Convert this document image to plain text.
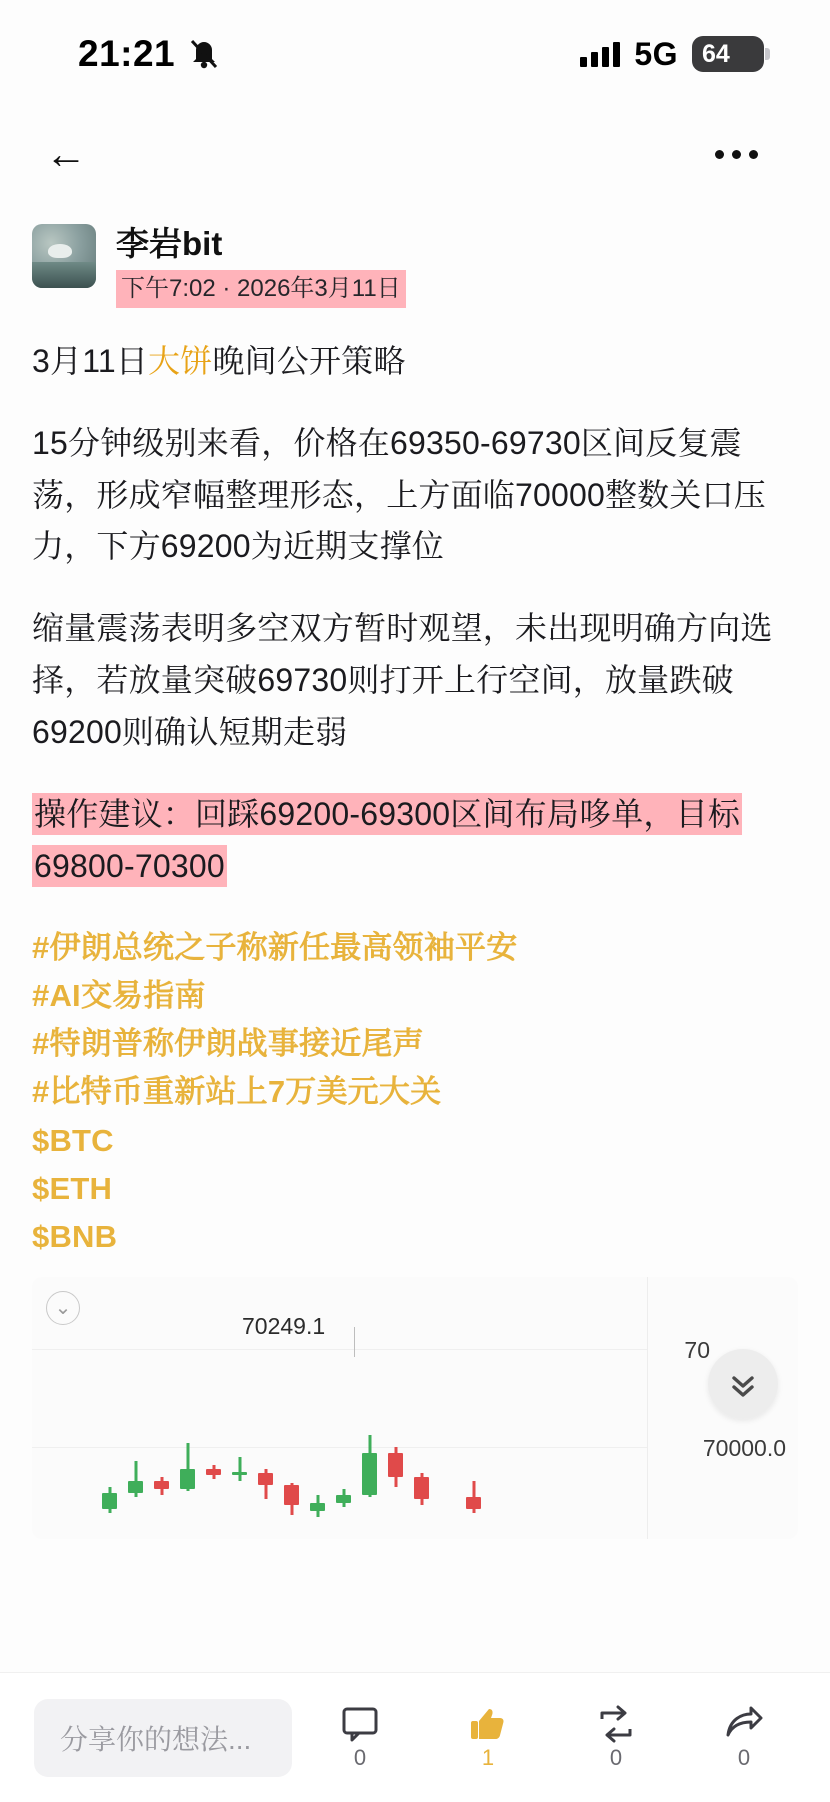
21:21	5G 64
←
李岩bit
下午7:02 · 2026年3月11日
3月11日大饼晚间公开策略
15分钟级别来看，价格在69350-69730区间反复震荡，形成窄幅整理形态，上方面临70000整数关口压力，下方69200为近期支撑位
缩量震荡表明多空双方暂时观望，未出现明确方向选择，若放量突破69730则打开上行空间，放量跌破69200则确认短期走弱
操作建议：回踩69200-69300区间布局哆单，目标69800-70300
#伊朗总统之子称新任最高领袖平安
#AI交易指南
#特朗普称伊朗战事接近尾声
#比特币重新站上7万美元大关
$BTC
$ETH
$BNB
⌄
70249.1
70
70000.0
分享你的想法...
0	1	0	0
